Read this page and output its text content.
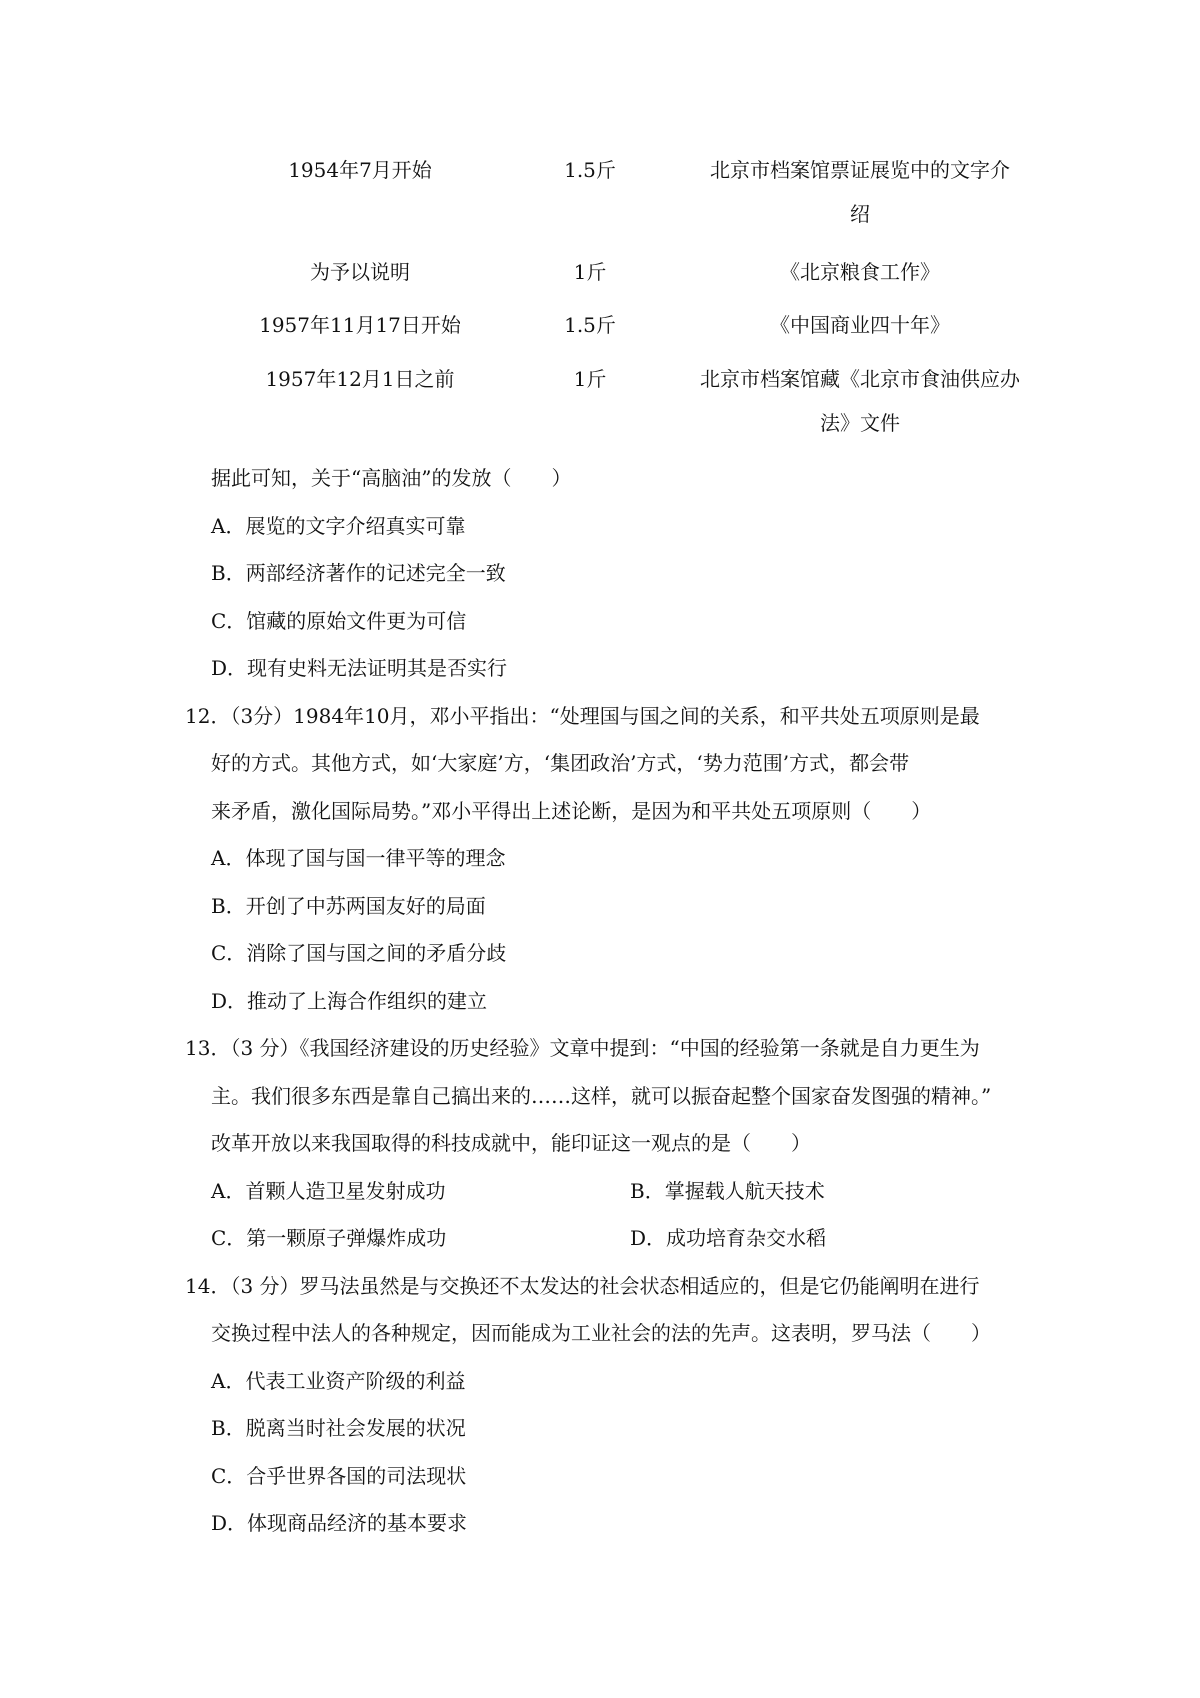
1954年7月开始	1.5斤	北京市档案馆票证展览中的文字介
绍
为予以说明	1斤	《北京粮食工作》
1957年11月17日开始	1.5斤	《中国商业四十年》
1957年12月1日之前	1斤	北京市档案馆藏《北京市食油供应办
法》文件
据此可知，关于“高脑油”的发放（　　）
A．展览的文字介绍真实可靠
B．两部经济著作的记述完全一致
C．馆藏的原始文件更为可信
D．现有史料无法证明其是否实行
12．（3分）1984年10月，邓小平指出：“处理国与国之间的关系，和平共处五项原则是最
好的方式。其他方式，如‘大家庭’方，‘集团政治’方式，‘势力范围’方式，都会带
来矛盾，激化国际局势。”邓小平得出上述论断，是因为和平共处五项原则（　　）
A．体现了国与国一律平等的理念
B．开创了中苏两国友好的局面
C．消除了国与国之间的矛盾分歧
D．推动了上海合作组织的建立
13．（3 分）《我国经济建设的历史经验》文章中提到：“中国的经验第一条就是自力更生为
主。我们很多东西是靠自己搞出来的……这样，就可以振奋起整个国家奋发图强的精神。”
改革开放以来我国取得的科技成就中，能印证这一观点的是（　　）
A．首颗人造卫星发射成功	B．掌握载人航天技术
C．第一颗原子弹爆炸成功	D．成功培育杂交水稻
14．（3 分）罗马法虽然是与交换还不太发达的社会状态相适应的，但是它仍能阐明在进行
交换过程中法人的各种规定，因而能成为工业社会的法的先声。这表明，罗马法（　　）
A．代表工业资产阶级的利益
B．脱离当时社会发展的状况
C．合乎世界各国的司法现状
D．体现商品经济的基本要求
